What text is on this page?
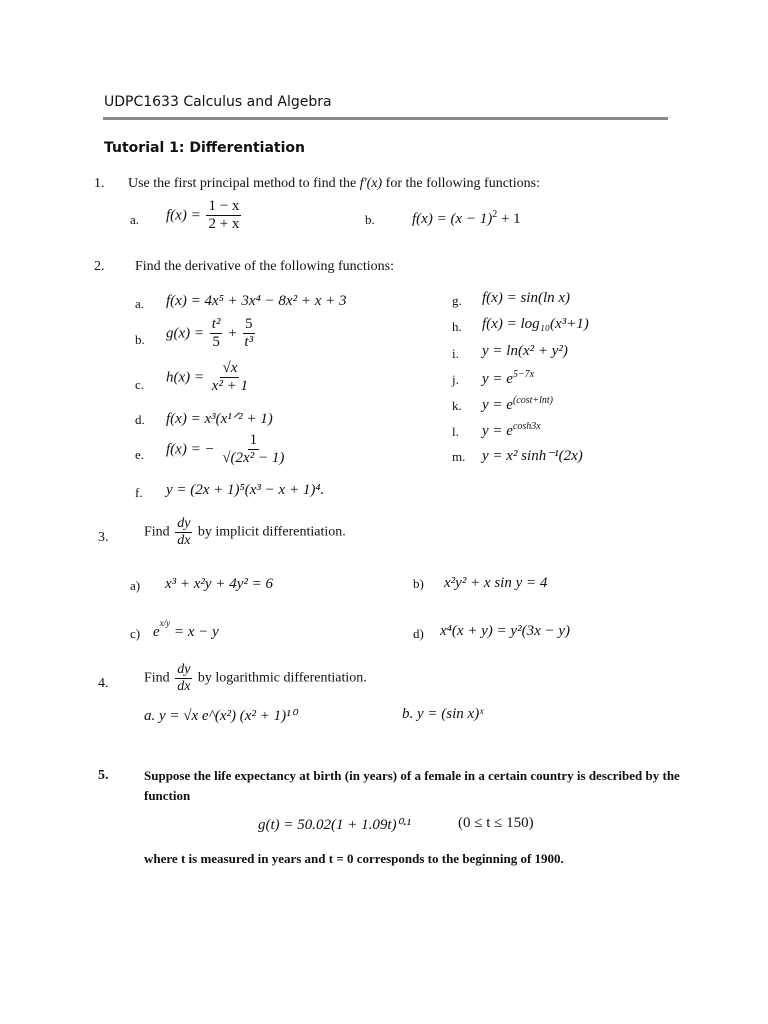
UDPC1633 Calculus and Algebra
Tutorial 1: Differentiation
1. Use the first principal method to find the f'(x) for the following functions:
a. $f(x) = \frac{1 - x}{2 + x}$	b. $f(x) = (x - 1)^2 + 1$
2. Find the derivative of the following functions:
a. f(x) = 4x⁵ + 3x⁴ − 8x² + x + 3
b. $g(x) = \frac{\text{t²}}{5} + \frac{5}{\text{t³}}$
c. $h(x) = \frac{√x}{\text{x² + 1}}$
d. f(x) = x³(x¹ᐟ² + 1)
e. f(x) = − $\frac{1}{\text{√(2x² − 1)}}$
f. y = (2x + 1)⁵(x³ − x + 1)⁴.
g. f(x) = sin(ln x)
h. f(x) = log₁₀(x³+1)
i. y = ln(x² + y²)
j. $y = e^{5-7x}$
k. $y = e^{(cost+lnt)}$
l. $y = e^{cosh3x}$
m. y = x² sinh⁻¹(2x)
3.	Find $\frac{dy}{dx}$ by implicit differentiation.
a) x³ + x²y + 4y² = 6	b) x²y² + x sin y = 4
c) $e^{x/y} = x - y$	d) x⁴(x + y) = y²(3x − y)
4.	Find $\frac{dy}{dx}$ by logarithmic differentiation.
a. y = √x e^(x²) (x² + 1)¹⁰	b. y = (sin x)ˣ
5.	Suppose the life expectancy at birth (in years) of a female in a certain country is described by the
function
g(t) = 50.02(1 + 1.09t)⁰·¹	(0 ≤ t ≤ 150)
where t is measured in years and t = 0 corresponds to the beginning of 1900.
